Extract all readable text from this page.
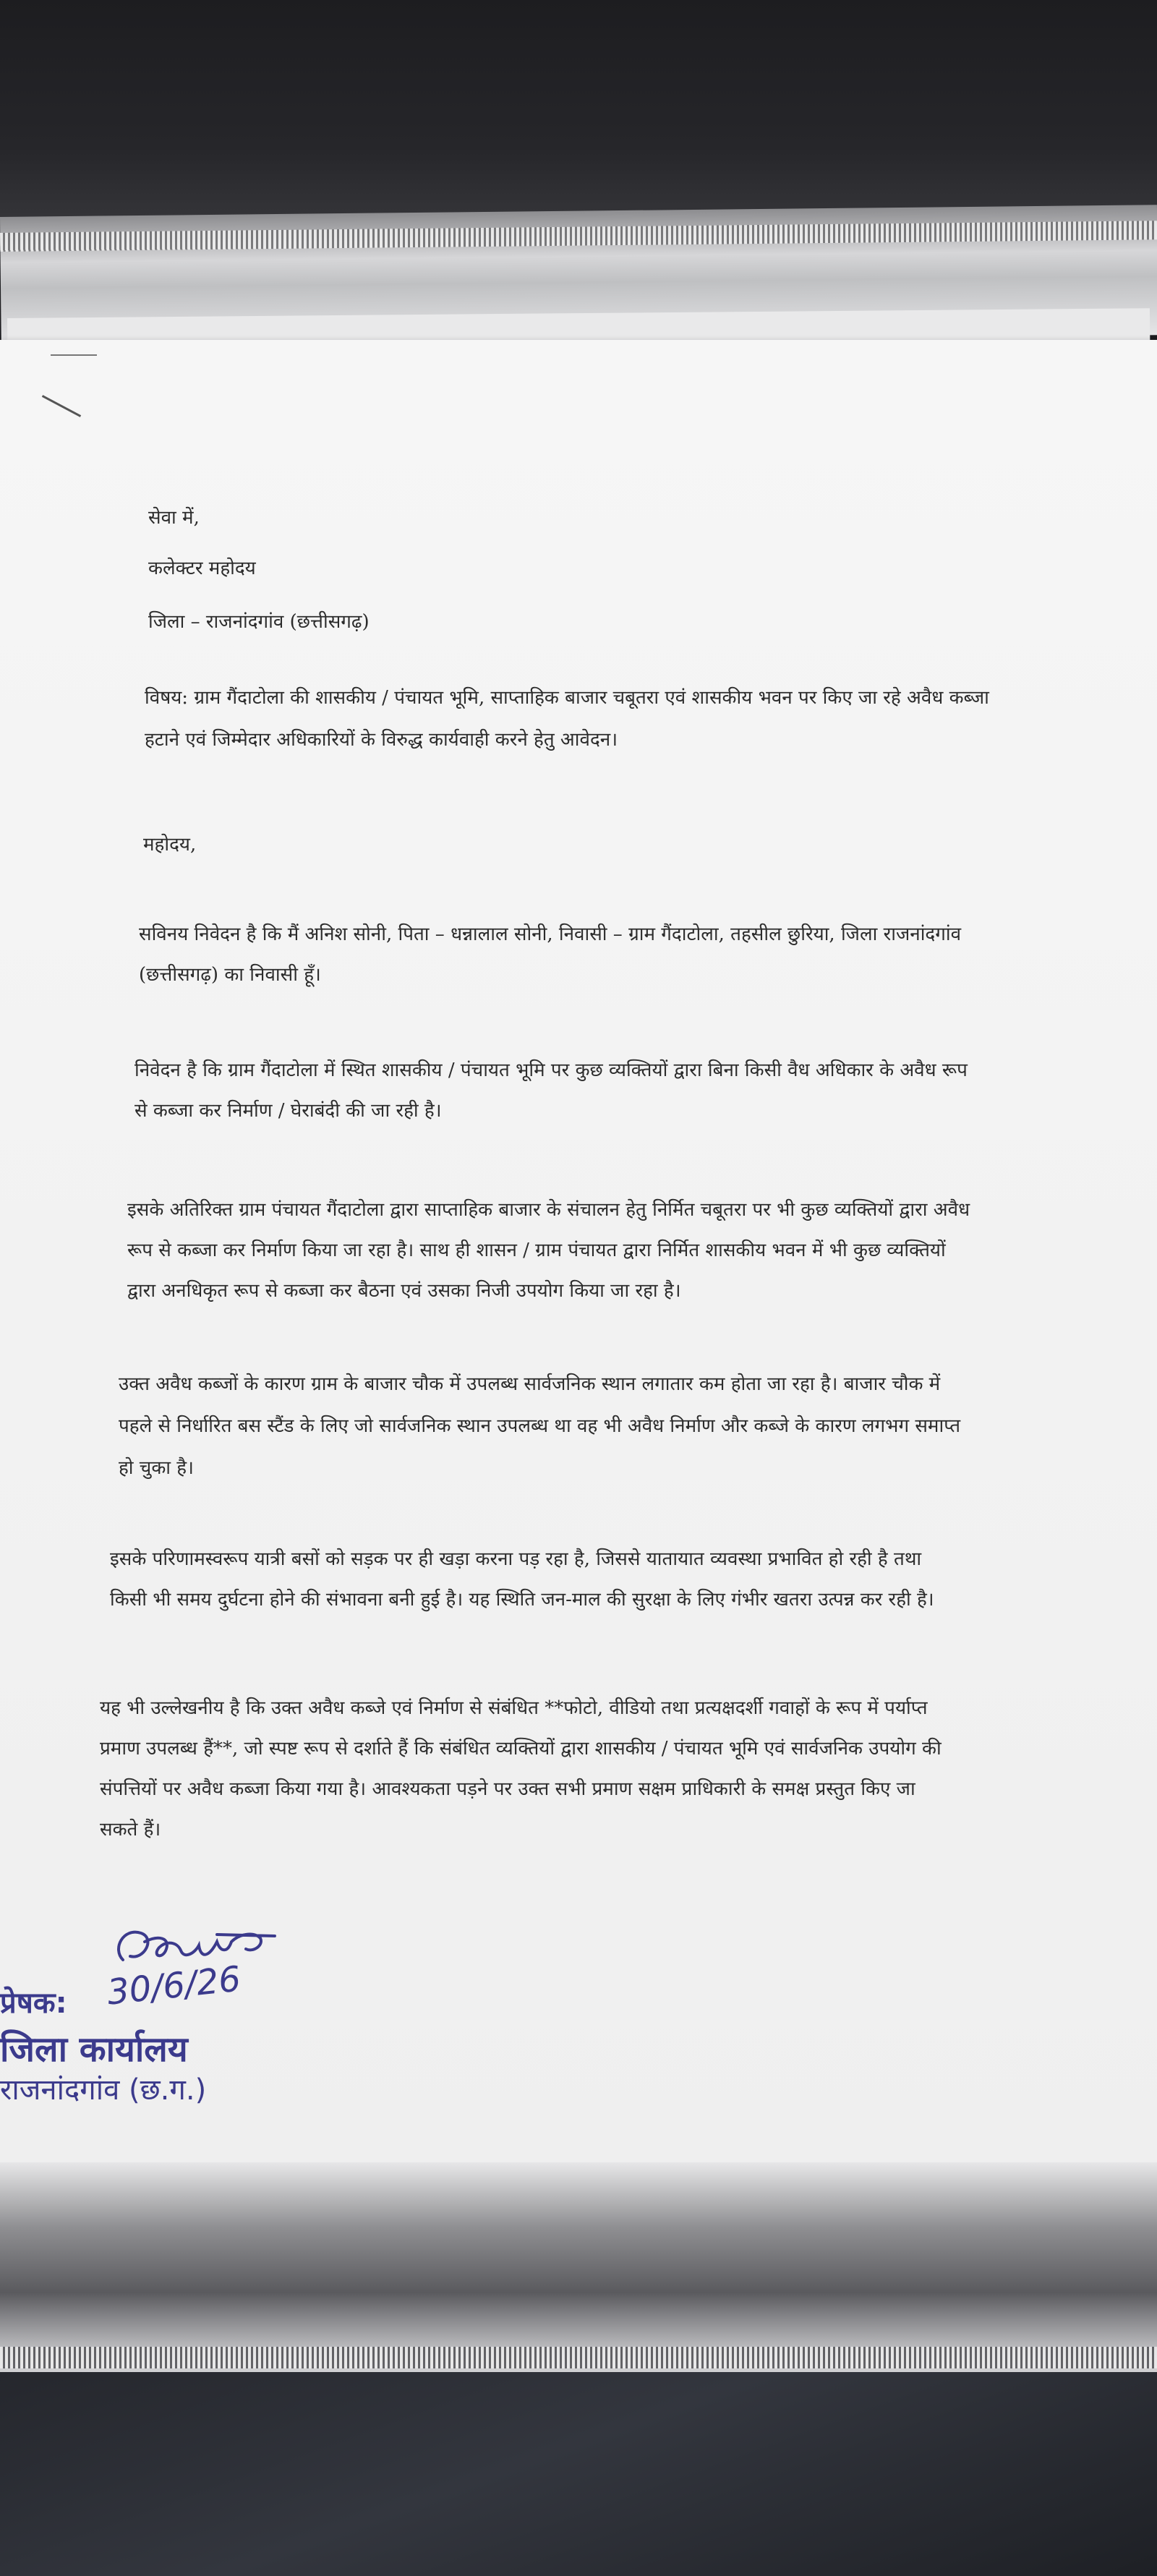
सेवा में,
कलेक्टर महोदय
जिला – राजनांदगांव (छत्तीसगढ़)
विषय: ग्राम गैंदाटोला की शासकीय / पंचायत भूमि, साप्ताहिक बाजार चबूतरा एवं शासकीय भवन पर किए जा रहे अवैध कब्जा
हटाने एवं जिम्मेदार अधिकारियों के विरुद्ध कार्यवाही करने हेतु आवेदन।
महोदय,
सविनय निवेदन है कि मैं अनिश सोनी, पिता – धन्नालाल सोनी, निवासी – ग्राम गैंदाटोला, तहसील छुरिया, जिला राजनांदगांव
(छत्तीसगढ़) का निवासी हूँ।
निवेदन है कि ग्राम गैंदाटोला में स्थित शासकीय / पंचायत भूमि पर कुछ व्यक्तियों द्वारा बिना किसी वैध अधिकार के अवैध रूप
से कब्जा कर निर्माण / घेराबंदी की जा रही है।
इसके अतिरिक्त ग्राम पंचायत गैंदाटोला द्वारा साप्ताहिक बाजार के संचालन हेतु निर्मित चबूतरा पर भी कुछ व्यक्तियों द्वारा अवैध
रूप से कब्जा कर निर्माण किया जा रहा है। साथ ही शासन / ग्राम पंचायत द्वारा निर्मित शासकीय भवन में भी कुछ व्यक्तियों
द्वारा अनधिकृत रूप से कब्जा कर बैठना एवं उसका निजी उपयोग किया जा रहा है।
उक्त अवैध कब्जों के कारण ग्राम के बाजार चौक में उपलब्ध सार्वजनिक स्थान लगातार कम होता जा रहा है। बाजार चौक में
पहले से निर्धारित बस स्टैंड के लिए जो सार्वजनिक स्थान उपलब्ध था वह भी अवैध निर्माण और कब्जे के कारण लगभग समाप्त
हो चुका है।
इसके परिणामस्वरूप यात्री बसों को सड़क पर ही खड़ा करना पड़ रहा है, जिससे यातायात व्यवस्था प्रभावित हो रही है तथा
किसी भी समय दुर्घटना होने की संभावना बनी हुई है। यह स्थिति जन-माल की सुरक्षा के लिए गंभीर खतरा उत्पन्न कर रही है।
यह भी उल्लेखनीय है कि उक्त अवैध कब्जे एवं निर्माण से संबंधित **फोटो, वीडियो तथा प्रत्यक्षदर्शी गवाहों के रूप में पर्याप्त
प्रमाण उपलब्ध हैं**, जो स्पष्ट रूप से दर्शाते हैं कि संबंधित व्यक्तियों द्वारा शासकीय / पंचायत भूमि एवं सार्वजनिक उपयोग की
संपत्तियों पर अवैध कब्जा किया गया है। आवश्यकता पड़ने पर उक्त सभी प्रमाण सक्षम प्राधिकारी के समक्ष प्रस्तुत किए जा
सकते हैं।
30/6/26
प्रेषक:
जिला कार्यालय
राजनांदगांव (छ.ग.)
